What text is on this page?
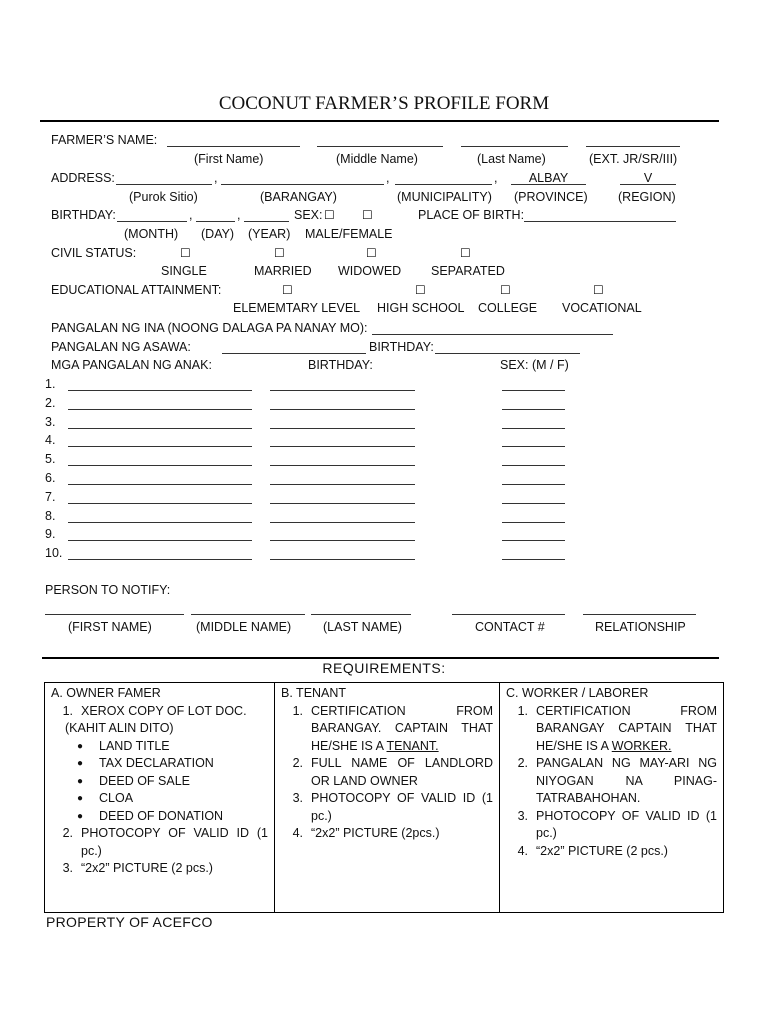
COCONUT FARMER’S PROFILE FORM
FARMER’S NAME:
(First Name)	(Middle Name)	(Last Name)	(EXT. JR/SR/III)
ADDRESS:	,	,	,	ALBAY	V
(Purok Sitio)	(BARANGAY)	(MUNICIPALITY) (PROVINCE) (REGION)
BIRTHDAY:	,	,	SEX: ☐ ☐	PLACE OF BIRTH:
(MONTH) (DAY) (YEAR) MALE/FEMALE
CIVIL STATUS:	☐	☐	☐	☐
SINGLE	MARRIED WIDOWED SEPARATED
EDUCATIONAL ATTAINMENT:	☐	☐	☐	☐
ELEMEMTARY LEVEL HIGH SCHOOL COLLEGE VOCATIONAL
PANGALAN NG INA (NOONG DALAGA PA NANAY MO):
PANGALAN NG ASAWA:	BIRTHDAY:
MGA PANGALAN NG ANAK:	BIRTHDAY:	SEX: (M / F)
1.
2.
3.
4.
5.
6.
7.
8.
9.
10.
PERSON TO NOTIFY:
(FIRST NAME)	(MIDDLE NAME)	(LAST NAME)	CONTACT #	RELATIONSHIP
REQUIREMENTS:
A. OWNER FAMER
1. XEROX COPY OF LOT DOC.
(KAHIT ALIN DITO)
●	LAND TITLE
●	TAX DECLARATION
●	DEED OF SALE
●	CLOA
●	DEED OF DONATION
2. PHOTOCOPY OF VALID ID (1 pc.)
3. “2x2” PICTURE (2 pcs.)
B. TENANT
1. CERTIFICATION FROM BARANGAY. CAPTAIN THAT HE/SHE IS A TENANT.
2. FULL NAME OF LANDLORD OR LAND OWNER
3. PHOTOCOPY OF VALID ID (1 pc.)
4. “2x2” PICTURE (2pcs.)
C. WORKER / LABORER
1. CERTIFICATION FROM BARANGAY CAPTAIN THAT HE/SHE IS A WORKER.
2. PANGALAN NG MAY-ARI NG NIYOGAN NA PINAG-TATRABAHOHAN.
3. PHOTOCOPY OF VALID ID (1 pc.)
4. “2x2” PICTURE (2 pcs.)
PROPERTY OF ACEFCO
